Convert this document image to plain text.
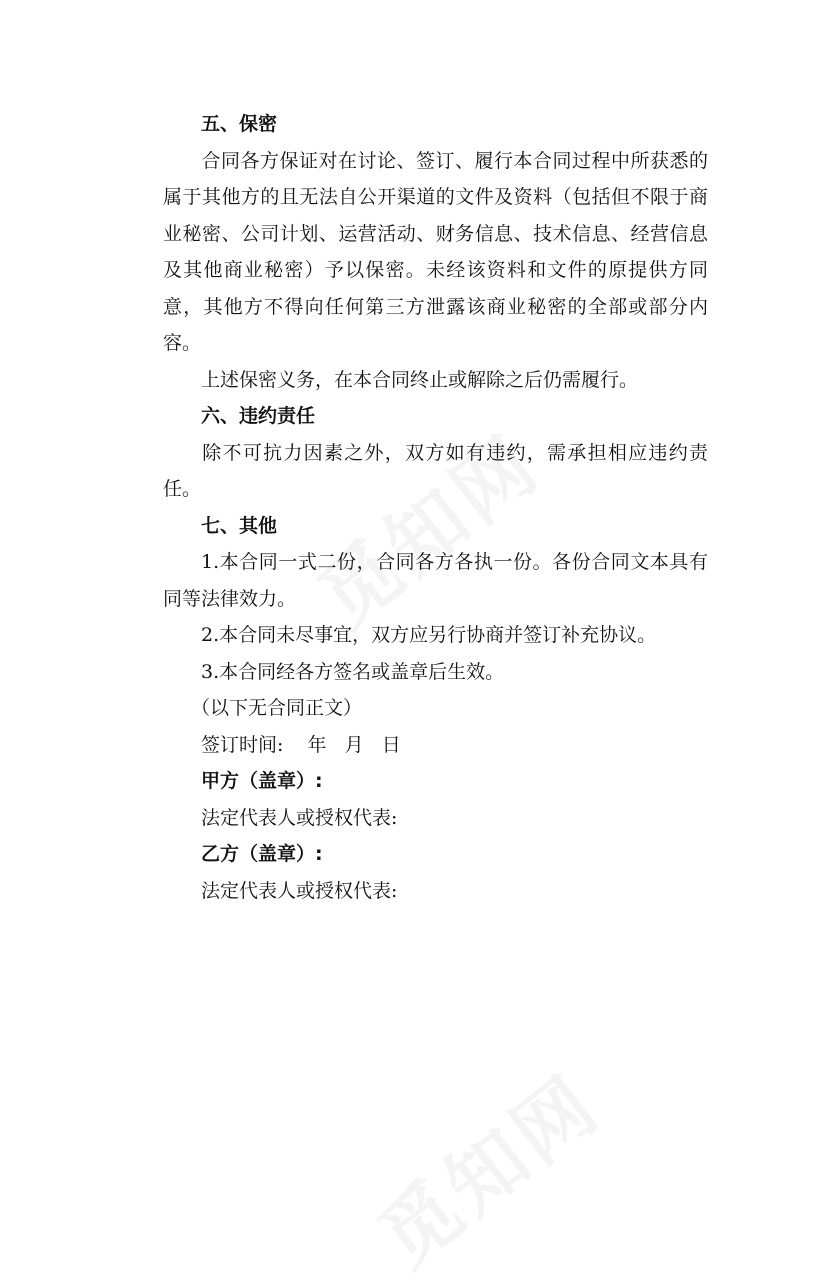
五、保密
合同各方保证对在讨论、签订、履行本合同过程中所获悉的属于其他方的且无法自公开渠道的文件及资料（包括但不限于商业秘密、公司计划、运营活动、财务信息、技术信息、经营信息及其他商业秘密）予以保密。未经该资料和文件的原提供方同意，其他方不得向任何第三方泄露该商业秘密的全部或部分内容。
上述保密义务，在本合同终止或解除之后仍需履行。
六、违约责任
除不可抗力因素之外，双方如有违约，需承担相应违约责任。
七、其他
1.本合同一式二份，合同各方各执一份。各份合同文本具有同等法律效力。
2.本合同未尽事宜，双方应另行协商并签订补充协议。
3.本合同经各方签名或盖章后生效。
（以下无合同正文）
签订时间:    年   月   日
甲方（盖章）:
法定代表人或授权代表:
乙方（盖章）:
法定代表人或授权代表:
